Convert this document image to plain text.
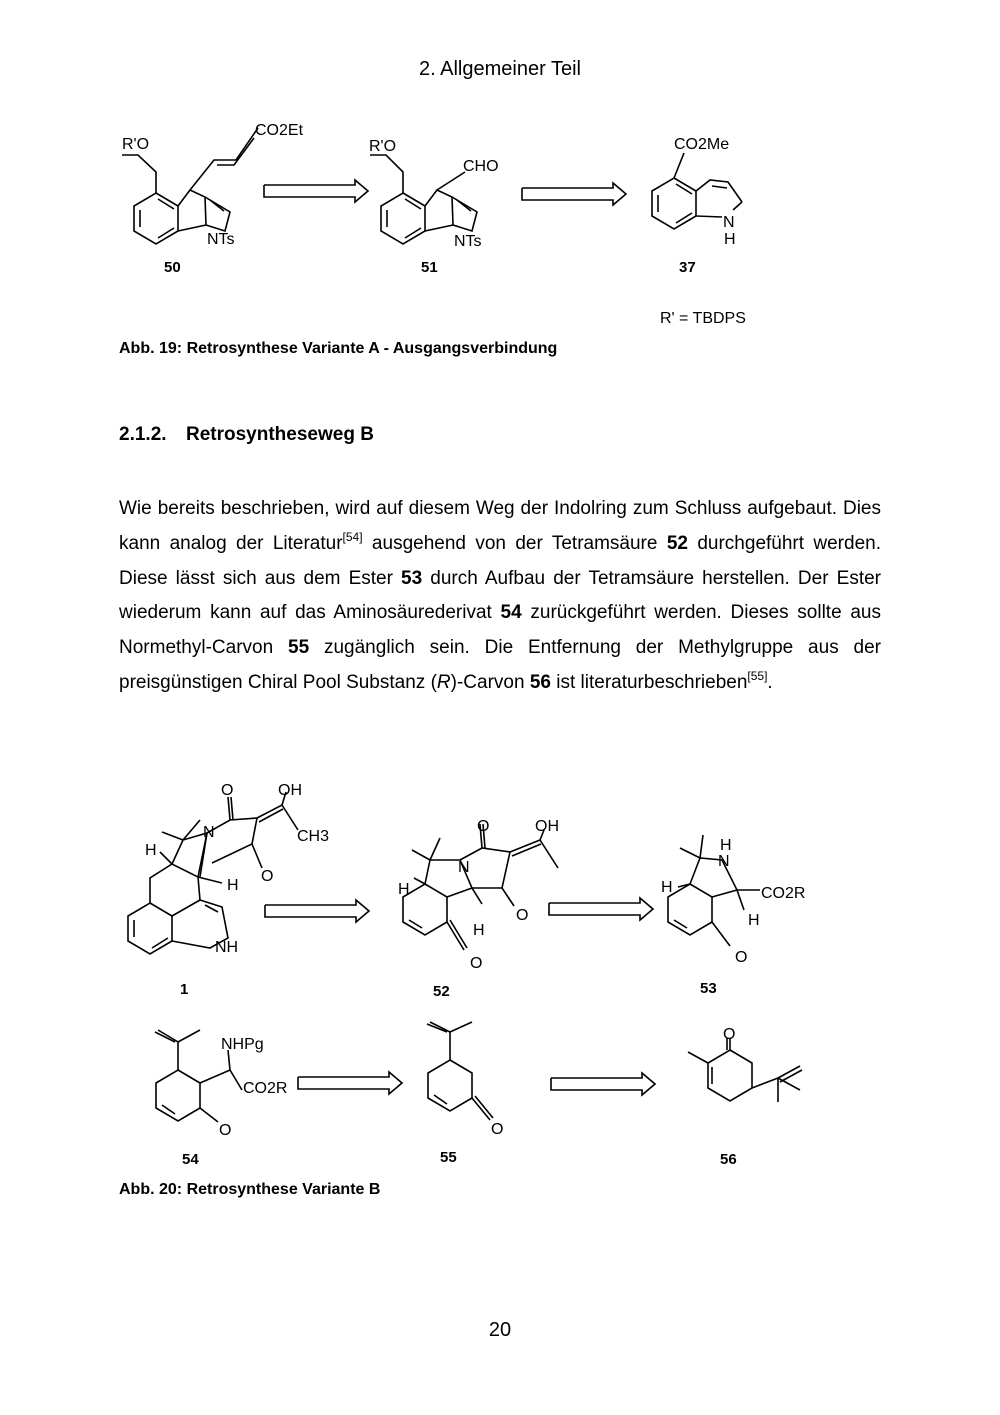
2. Allgemeiner Teil
R'O
CO2Et
NTs
50
R'O
CHO
NTs
51
CO2Me
N
H
37
R' = TBDPS
Abb. 19: Retrosynthese Variante A - Ausgangsverbindung
2.1.2. Retrosyntheseweg B
Wie bereits beschrieben, wird auf diesem Weg der Indolring zum Schluss aufgebaut. Dies kann analog der Literatur[54] ausgehend von der Tetramsäure 52 durchgeführt werden. Diese lässt sich aus dem Ester 53 durch Aufbau der Tetramsäure herstellen. Der Ester wiederum kann auf das Aminosäurederivat 54 zurückgeführt werden. Dieses sollte aus Normethyl-Carvon 55 zugänglich sein. Die Entfernung der Methylgruppe aus der preisgünstigen Chiral Pool Substanz (R)-Carvon 56 ist literaturbeschrieben[55].
O	OH
N	CH3
H
H
O
NH
1
O	OH
N
H
O
H
O
52
H
N
H
CO2R
H
O
53
NHPg
CO2R
O
54
O
55
O
56
Abb. 20: Retrosynthese Variante B
20
